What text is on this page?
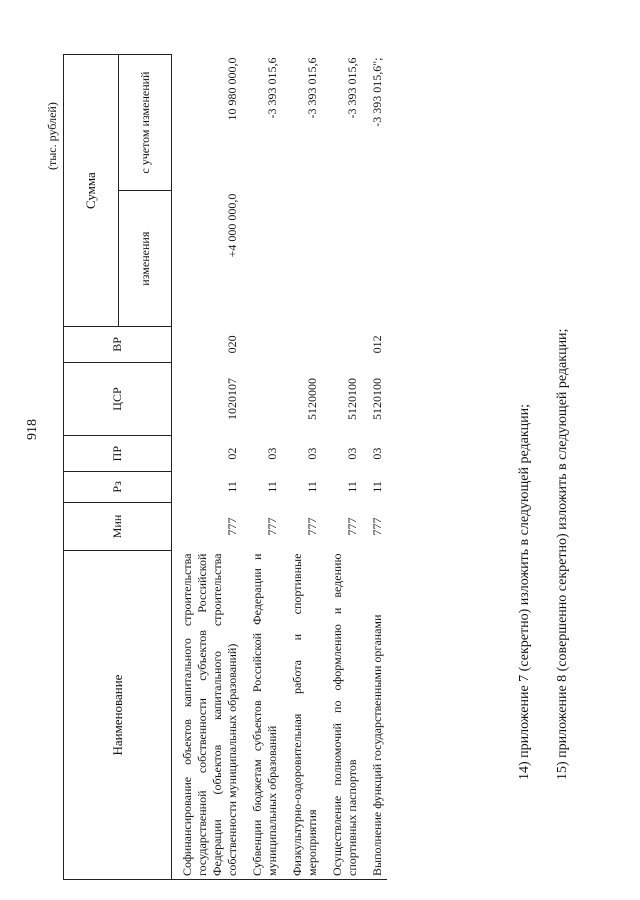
918
(тыс. рублей)
Наименование	Мин	Рз	ПР	ЦСР	ВР	Сумма	
						изменения	с учетом изменений
Софинансирование объектов капитального строительства государственной собственности субъектов Российской Федерации (объектов капитального строительства собственности муниципальных образований)	777	11	02	1020107	020	+4 000 000,0	10 980 000,0
Субвенции бюджетам субъектов Российской Федерации и муниципальных образований	777	11	03				-3 393 015,6
Физкультурно-оздоровительная работа и спортивные мероприятия	777	11	03	5120000			-3 393 015,6
Осуществление полномочий по оформлению и ведению спортивных паспортов	777	11	03	5120100			-3 393 015,6
Выполнение функций государственными органами	777	11	03	5120100	012		-3 393 015,6";
14) приложение 7 (секретно) изложить в следующей редакции; 15) приложение 8 (совершенно секретно) изложить в следующей редакции;
